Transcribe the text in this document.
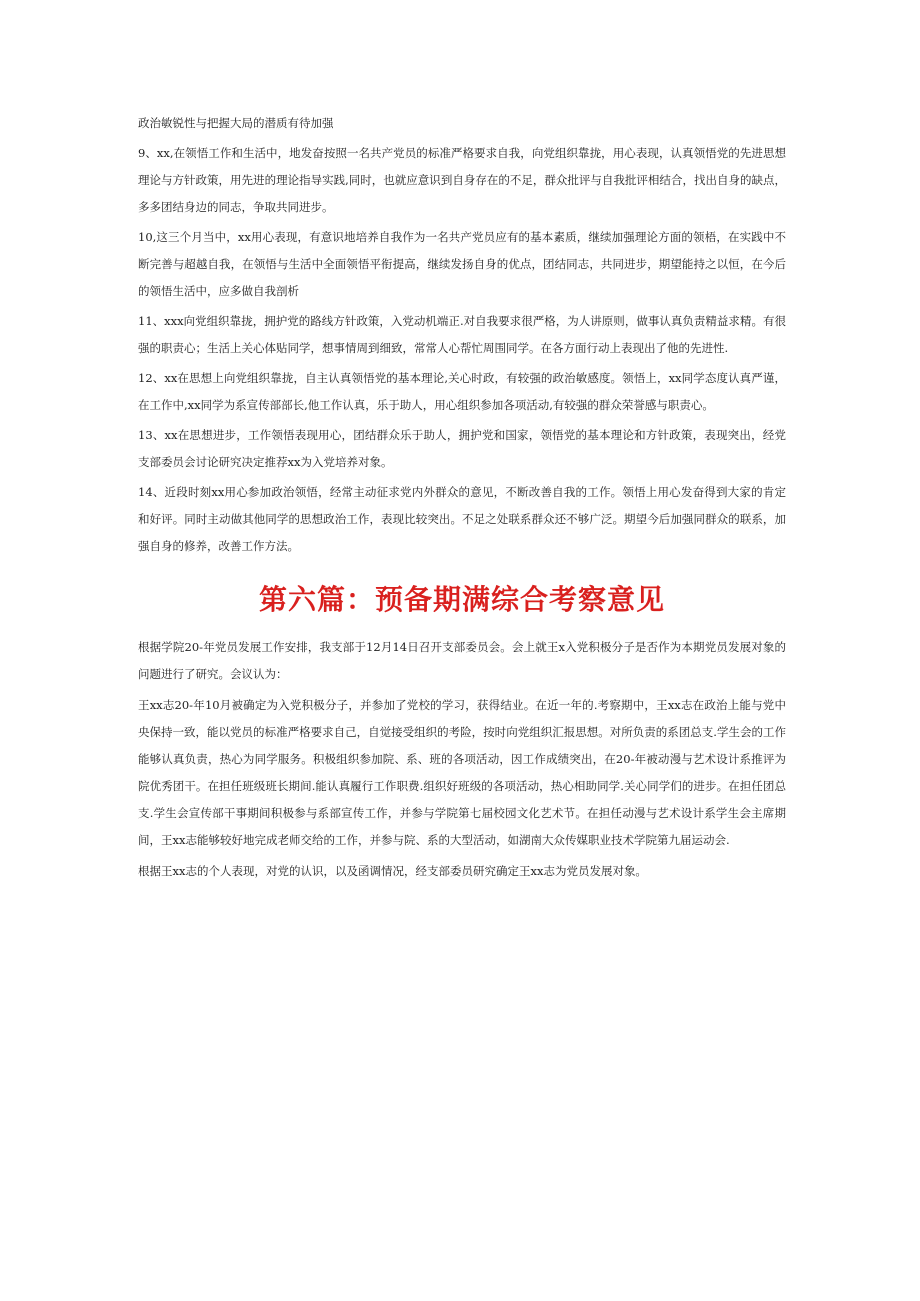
政治敏锐性与把握大局的潜质有待加强

9、xx,在领悟工作和生活中，地发奋按照一名共产党员的标准严格要求自我，向党组织靠拢，用心表现，认真领悟党的先进思想理论与方针政策，用先进的理论指导实践,同时，也就应意识到自身存在的不足，群众批评与自我批评相结合，找出自身的缺点，多多团结身边的同志，争取共同进步。

10,这三个月当中，xx用心表现，有意识地培养自我作为一名共产党员应有的基本素质，继续加强理论方面的领梧，在实践中不断完善与超越自我，在领悟与生活中全面领悟平衔提高，继续发扬自身的优点，团结同志，共同进步，期望能持之以恒，在今后的领悟生活中，应多做自我剖析

11、xxx向党组织靠拢，拥护党的路线方针政策，入党动机端正.对自我要求很严格，为人讲原则，做事认真负责精益求精。有很强的职责心；生活上关心体贴同学，想事情周到细致，常常人心帮忙周围同学。在各方面行动上表现出了他的先进性.

12、xx在思想上向党组织靠拢，自主认真领悟党的基本理论,关心时政，有较强的政治敏感度。领悟上，xx同学态度认真严谨，在工作中,xx同学为系宣传部部长,他工作认真，乐于助人，用心组织参加各项活动,有较强的群众荣誉感与职责心。

13、xx在思想进步，工作领悟表现用心，团结群众乐于助人，拥护党和国家，领悟党的基本理论和方针政策，表现突出，经党支部委员会讨论研究决定推荐xx为入党培养对象。

14、近段时刻xx用心参加政治领悟，经常主动征求党内外群众的意见，不断改善自我的工作。领悟上用心发奋得到大家的肯定和好评。同时主动做其他同学的思想政治工作，表现比较突出。不足之处联系群众还不够广泛。期望今后加强同群众的联系，加强自身的修养，改善工作方法。

第六篇：预备期满综合考察意见

根据学院20-年党员发展工作安排，我支部于12月14日召开支部委员会。会上就王x入党积极分子是否作为本期党员发展对象的问题进行了研究。会议认为：

王xx志20-年10月被确定为入党积极分子，并参加了党校的学习，获得结业。在近一年的.考察期中，王xx志在政治上能与党中央保持一致，能以党员的标准严格要求自己，自觉接受组织的考险，按时向党组织汇报思想。对所负责的系团总支.学生会的工作能够认真负责，热心为同学服务。积极组织参加院、系、班的各项活动，因工作成绩突出，在20-年被动漫与艺术设计系推评为院优秀团干。在担任班级班长期间.能认真履行工作职费.组织好班级的各项活动，热心相助同学.关心同学们的进步。在担任团总支.学生会宣传部干事期间积极参与系部宣传工作，并参与学院第七届校园文化艺术节。在担任动漫与艺术设计系学生会主席期间，王xx志能够较好地完成老师交给的工作，并参与院、系的大型活动，如湖南大众传媒职业技术学院第九届运动会.

根据王xx志的个人表现，对党的认识，以及函调情况，经支部委员研究确定王xx志为党员发展对象。
